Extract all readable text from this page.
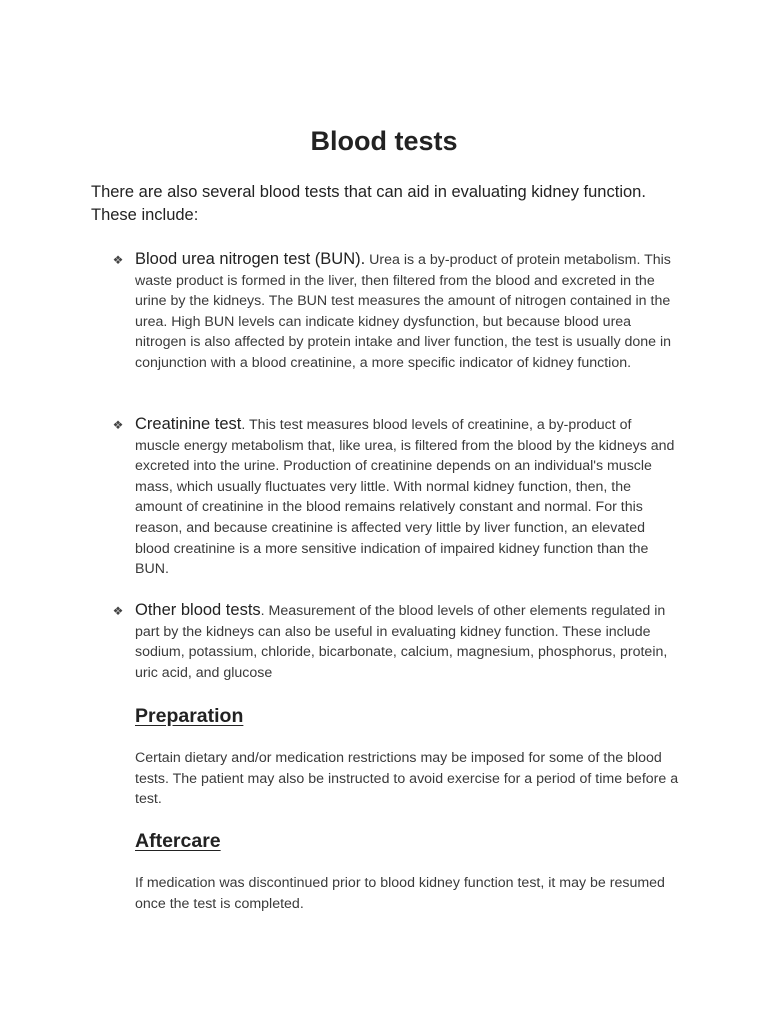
Blood tests

There are also several blood tests that can aid in evaluating kidney function. These include:

❖ Blood urea nitrogen test (BUN). Urea is a by-product of protein metabolism. This waste product is formed in the liver, then filtered from the blood and excreted in the urine by the kidneys. The BUN test measures the amount of nitrogen contained in the urea. High BUN levels can indicate kidney dysfunction, but because blood urea nitrogen is also affected by protein intake and liver function, the test is usually done in conjunction with a blood creatinine, a more specific indicator of kidney function.

❖ Creatinine test. This test measures blood levels of creatinine, a by-product of muscle energy metabolism that, like urea, is filtered from the blood by the kidneys and excreted into the urine. Production of creatinine depends on an individual's muscle mass, which usually fluctuates very little. With normal kidney function, then, the amount of creatinine in the blood remains relatively constant and normal. For this reason, and because creatinine is affected very little by liver function, an elevated blood creatinine is a more sensitive indication of impaired kidney function than the BUN.

❖ Other blood tests. Measurement of the blood levels of other elements regulated in part by the kidneys can also be useful in evaluating kidney function. These include sodium, potassium, chloride, bicarbonate, calcium, magnesium, phosphorus, protein, uric acid, and glucose

Preparation

Certain dietary and/or medication restrictions may be imposed for some of the blood tests. The patient may also be instructed to avoid exercise for a period of time before a test.

Aftercare

If medication was discontinued prior to blood kidney function test, it may be resumed once the test is completed.
